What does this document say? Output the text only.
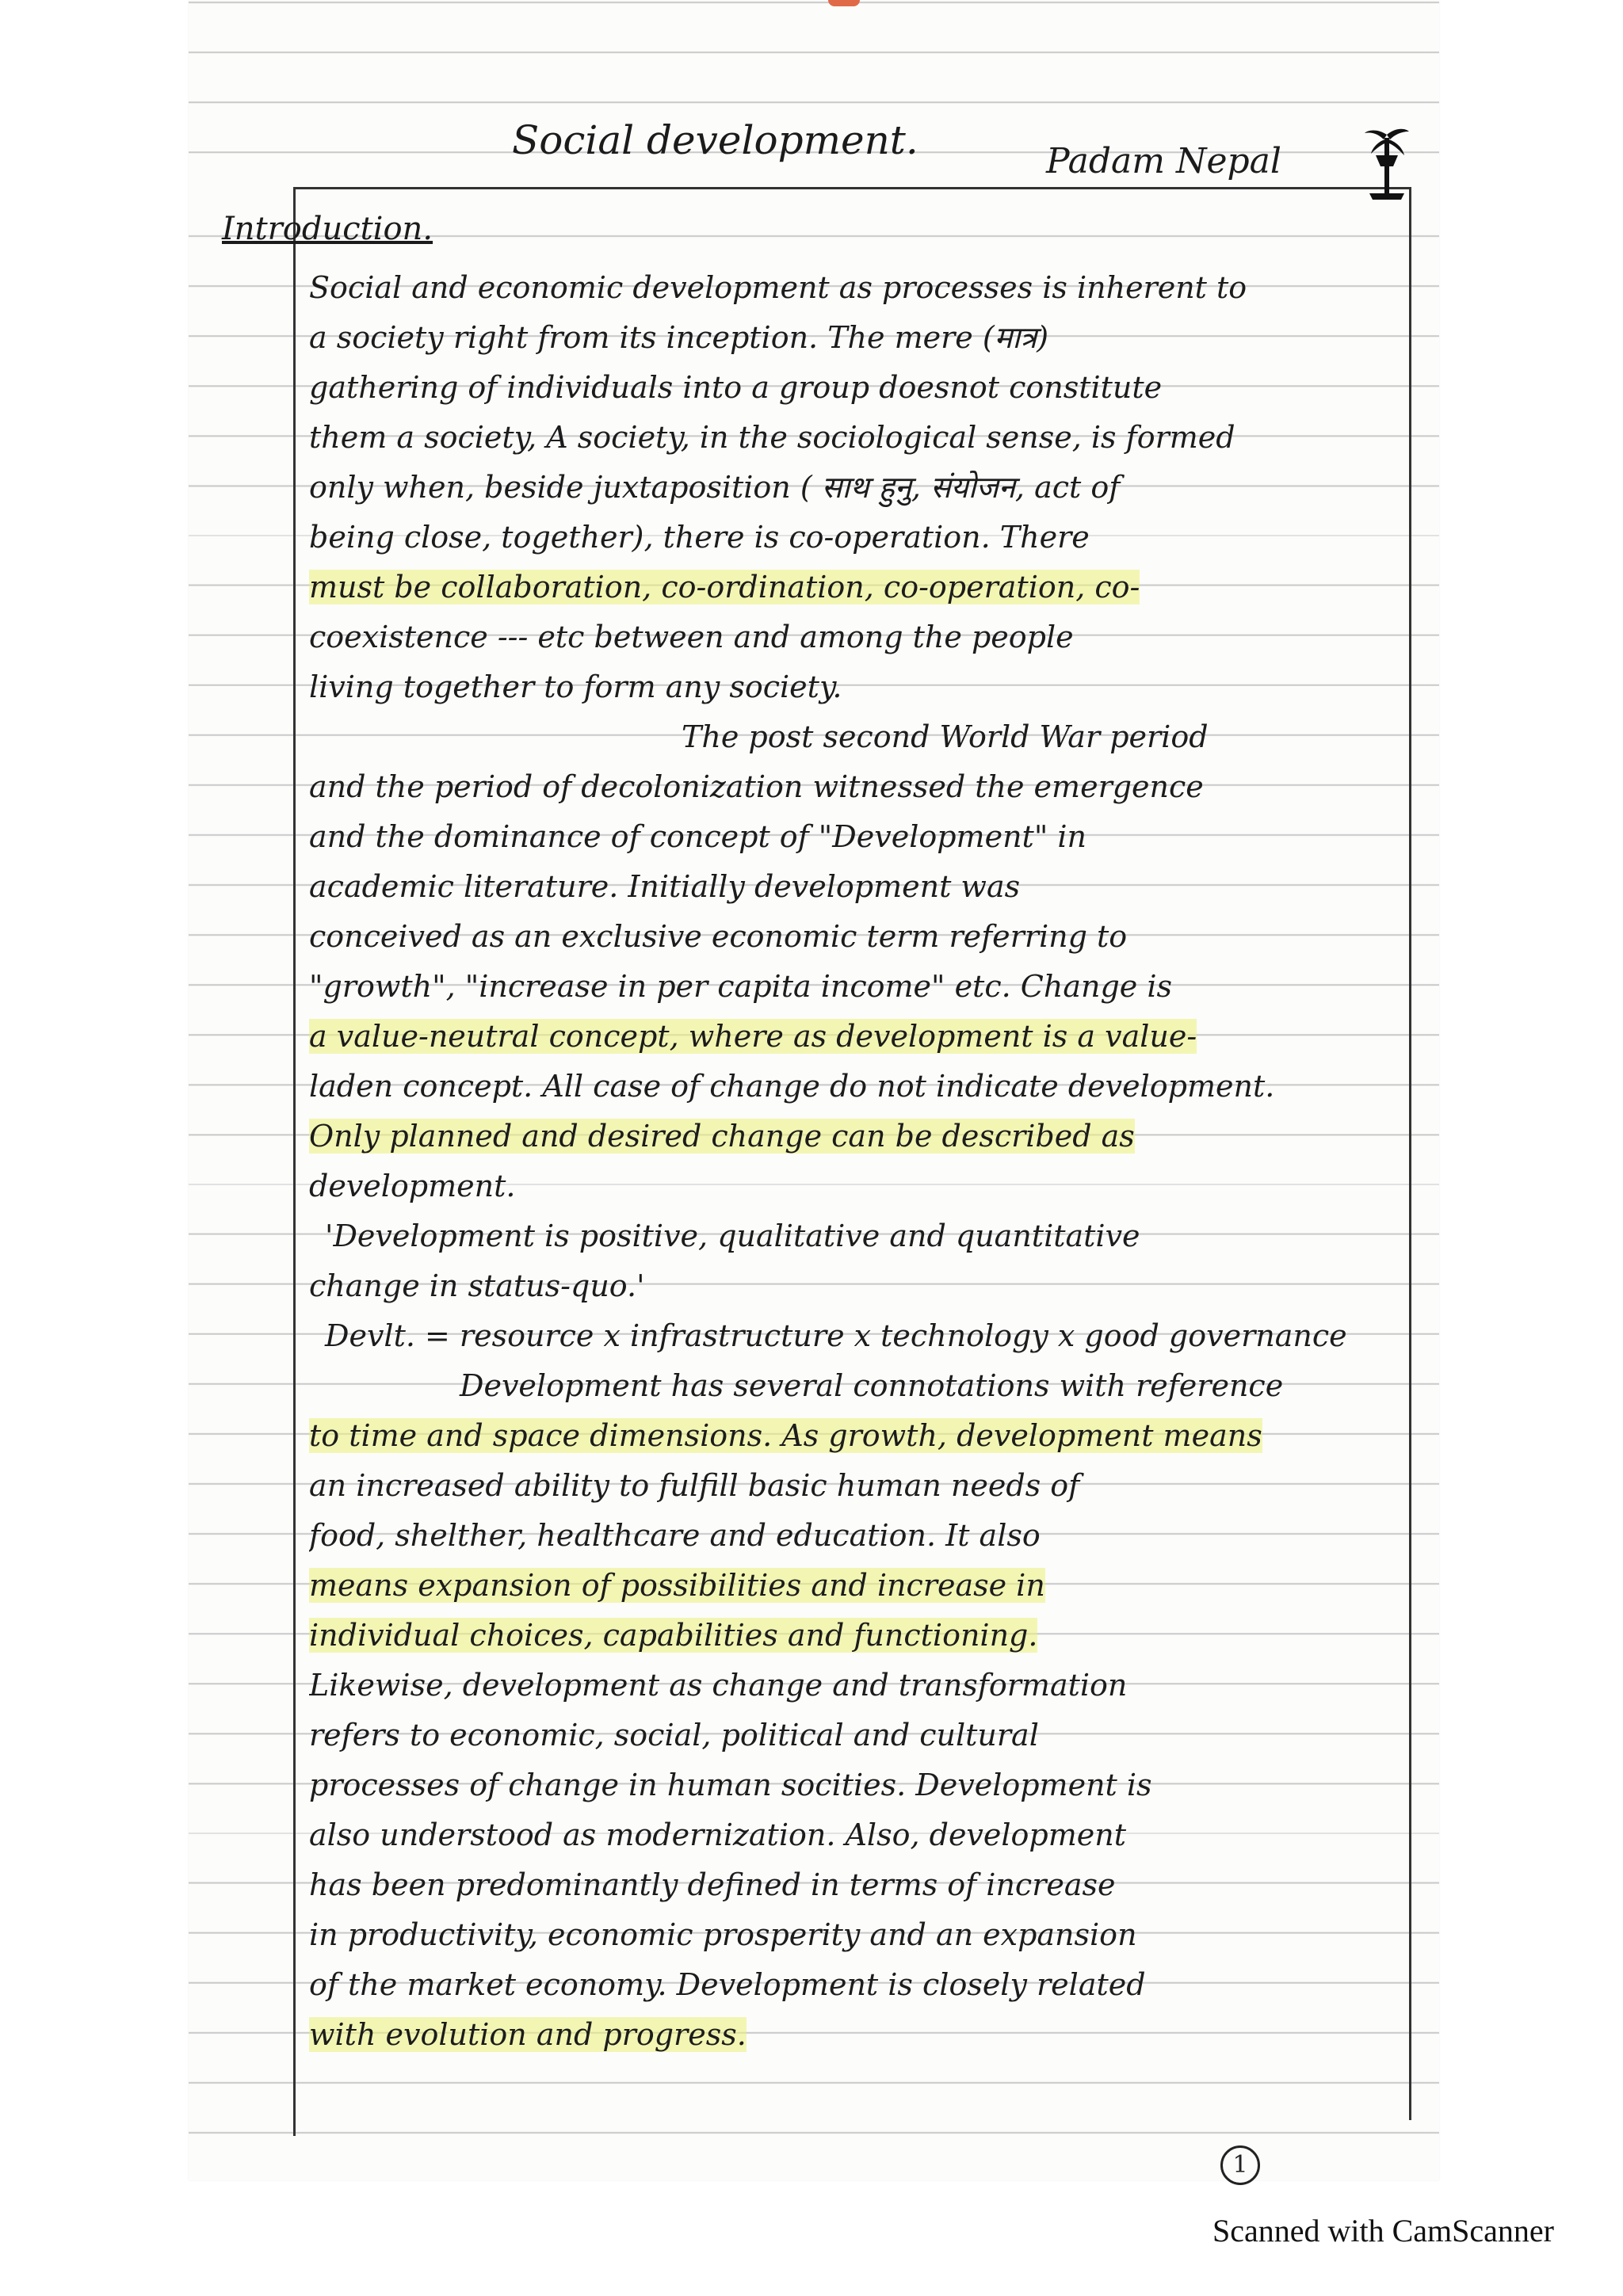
Social development.	Padam Nepal
Introduction.
Social and economic development as processes is inherent to
a society right from its inception. The mere (मात्र)
gathering of individuals into a group doesnot constitute
them a society, A society, in the sociological sense, is formed
only when, beside juxtaposition ( साथ हुनु, संयोजन, act of
being close, together), there is co-operation. There
must be collaboration, co-ordination, co-operation, co-
coexistence --- etc between and among the people
living together to form any society.
The post second World War period
and the period of decolonization witnessed the emergence
and the dominance of concept of "Development" in
academic literature. Initially development was
conceived as an exclusive economic term referring to
"growth", "increase in per capita income" etc. Change is
a value-neutral concept, where as development is a value-
laden concept. All case of change do not indicate development.
Only planned and desired change can be described as
development.
'Development is positive, qualitative and quantitative
change in status-quo.'
Devlt. = resource x infrastructure x technology x good governance
Development has several connotations with reference
to time and space dimensions. As growth, development means
an increased ability to fulfill basic human needs of
food, shelther, healthcare and education. It also
means expansion of possibilities and increase in
individual choices, capabilities and functioning.
Likewise, development as change and transformation
refers to economic, social, political and cultural
processes of change in human socities. Development is
also understood as modernization. Also, development
has been predominantly defined in terms of increase
in productivity, economic prosperity and an expansion
of the market economy. Development is closely related
with evolution and progress.
1
Scanned with CamScanner
